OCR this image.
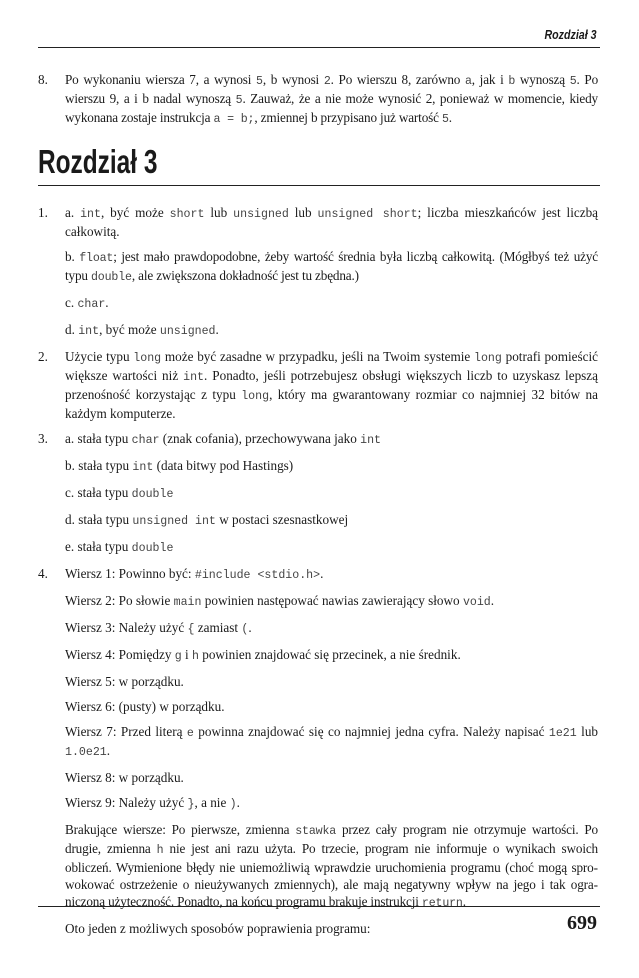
Rozdział 3
8. Po wykonaniu wiersza 7, a wynosi 5, b wynosi 2. Po wierszu 8, zarówno a, jak i b wynoszą 5. Po wierszu 9, a i b nadal wynoszą 5. Zauważ, że a nie może wynosić 2, ponieważ w momencie, kiedy wykonana zostaje instrukcja a = b;, zmiennej b przypisano już wartość 5.

Rozdział 3
1. a. int, być może short lub unsigned lub unsigned short; liczba mieszkańców jest liczbą całkowitą.

b. float; jest mało prawdopodobne, żeby wartość średnia była liczbą całkowitą. (Mógłbyś też użyć typu double, ale zwiększona dokładność jest tu zbędna.)

c. char.

d. int, być może unsigned.

2. Użycie typu long może być zasadne w przypadku, jeśli na Twoim systemie long potrafi pomieścić większe wartości niż int. Ponadto, jeśli potrzebujesz obsługi większych liczb to uzyskasz lepszą przenośność korzystając z typu long, który ma gwarantowany rozmiar co najmniej 32 bitów na każdym komputerze.

3. a. stała typu char (znak cofania), przechowywana jako int

b. stała typu int (data bitwy pod Hastings)

c. stała typu double

d. stała typu unsigned int w postaci szesnastkowej

e. stała typu double

4. Wiersz 1: Powinno być: #include <stdio.h>.

Wiersz 2: Po słowie main powinien następować nawias zawierający słowo void.

Wiersz 3: Należy użyć { zamiast (.

Wiersz 4: Pomiędzy g i h powinien znajdować się przecinek, a nie średnik.

Wiersz 5: w porządku.

Wiersz 6: (pusty) w porządku.

Wiersz 7: Przed literą e powinna znajdować się co najmniej jedna cyfra. Należy napisać 1e21 lub 1.0e21.

Wiersz 8: w porządku.

Wiersz 9: Należy użyć }, a nie ).

Brakujące wiersze: Po pierwsze, zmienna stawka przez cały program nie otrzymuje wartości. Po drugie, zmienna h nie jest ani razu użyta. Po trzecie, program nie informuje o wynikach swoich obliczeń. Wymienione błędy nie uniemożliwią wprawdzie uruchomienia programu (choć mogą sprowokować ostrzeżenie o nieużywanych zmiennych), ale mają negatywny wpływ na jego i tak ograniczoną użyteczność. Ponadto, na końcu programu brakuje instrukcji return.

Oto jeden z możliwych sposobów poprawienia programu:	699
